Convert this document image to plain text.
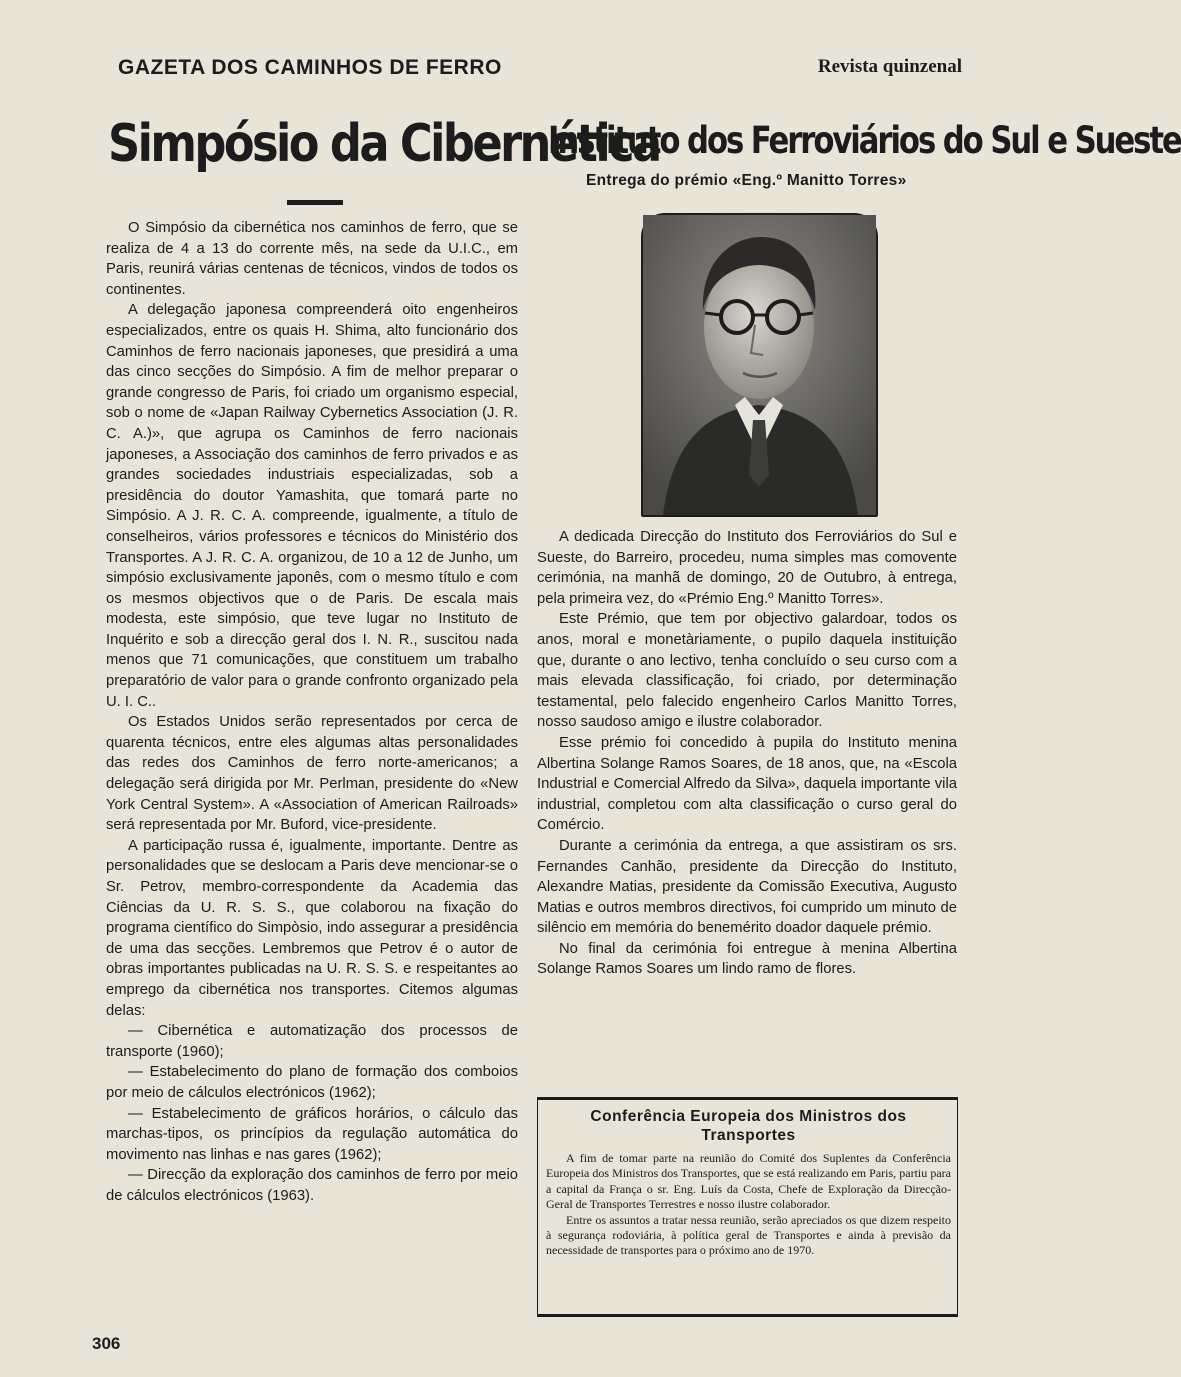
GAZETA DOS CAMINHOS DE FERRO	Revista quinzenal
Simpósio da Cibernética
Instituto dos Ferroviários do Sul e Sueste
Entrega do prémio «Eng.º Manitto Torres»

O Simpósio da cibernética nos caminhos de ferro, que se realiza de 4 a 13 do corrente mês, na sede da U.I.C., em Paris, reunirá várias centenas de técnicos, vindos de todos os continentes.

A delegação japonesa compreenderá oito engenheiros especializados, entre os quais H. Shima, alto funcionário dos Caminhos de ferro nacionais japoneses, que presidirá a uma das cinco secções do Simpósio. A fim de melhor preparar o grande congresso de Paris, foi criado um organismo especial, sob o nome de «Japan Railway Cybernetics Association (J. R. C. A.)», que agrupa os Caminhos de ferro nacionais japoneses, a Associação dos caminhos de ferro privados e as grandes sociedades industriais especializadas, sob a presidência do doutor Yamashita, que tomará parte no Simpósio. A J. R. C. A. compreende, igualmente, a título de conselheiros, vários professores e técnicos do Ministério dos Transportes. A J. R. C. A. organizou, de 10 a 12 de Junho, um simpósio exclusivamente japonês, com o mesmo título e com os mesmos objectivos que o de Paris. De escala mais modesta, este simpósio, que teve lugar no Instituto de Inquérito e sob a direcção geral dos I. N. R., suscitou nada menos que 71 comunicações, que constituem um trabalho preparatório de valor para o grande confronto organizado pela U. I. C..

Os Estados Unidos serão representados por cerca de quarenta técnicos, entre eles algumas altas personalidades das redes dos Caminhos de ferro norte-americanos; a delegação será dirigida por Mr. Perlman, presidente do «New York Central System». A «Association of American Railroads» será representada por Mr. Buford, vice-presidente.

A participação russa é, igualmente, importante. Dentre as personalidades que se deslocam a Paris deve mencionar-se o Sr. Petrov, membro-correspondente da Academia das Ciências da U. R. S. S., que colaborou na fixação do programa científico do Simpòsio, indo assegurar a presidência de uma das secções. Lembremos que Petrov é o autor de obras importantes publicadas na U. R. S. S. e respeitantes ao emprego da cibernética nos transportes. Citemos algumas delas:

— Cibernética e automatização dos processos de transporte (1960);

— Estabelecimento do plano de formação dos comboios por meio de cálculos electrónicos (1962);

— Estabelecimento de gráficos horários, o cálculo das marchas-tipos, os princípios da regulação automática do movimento nas linhas e nas gares (1962);

— Direcção da exploração dos caminhos de ferro por meio de cálculos electrónicos (1963).

A dedicada Direcção do Instituto dos Ferroviários do Sul e Sueste, do Barreiro, procedeu, numa simples mas comovente cerimónia, na manhã de domingo, 20 de Outubro, à entrega, pela primeira vez, do «Prémio Eng.º Manitto Torres».

Este Prémio, que tem por objectivo galardoar, todos os anos, moral e monetàriamente, o pupilo daquela instituição que, durante o ano lectivo, tenha concluído o seu curso com a mais elevada classificação, foi criado, por determinação testamental, pelo falecido engenheiro Carlos Manitto Torres, nosso saudoso amigo e ilustre colaborador.

Esse prémio foi concedido à pupila do Instituto menina Albertina Solange Ramos Soares, de 18 anos, que, na «Escola Industrial e Comercial Alfredo da Silva», daquela importante vila industrial, completou com alta classificação o curso geral do Comércio.

Durante a cerimónia da entrega, a que assistiram os srs. Fernandes Canhão, presidente da Direcção do Instituto, Alexandre Matias, presidente da Comissão Executiva, Augusto Matias e outros membros directivos, foi cumprido um minuto de silêncio em memória do benemérito doador daquele prémio.

No final da cerimónia foi entregue à menina Albertina Solange Ramos Soares um lindo ramo de flores.

Conferência Europeia dos Ministros dos Transportes

A fim de tomar parte na reunião do Comité dos Suplentes da Conferência Europeia dos Ministros dos Transportes, que se está realizando em Paris, partiu para a capital da França o sr. Eng. Luís da Costa, Chefe de Exploração da Direcção-Geral de Transportes Terrestres e nosso ilustre colaborador.

Entre os assuntos a tratar nessa reunião, serão apreciados os que dizem respeito à segurança rodoviária, à política geral de Transportes e ainda à previsão da necessidade de transportes para o próximo ano de 1970.

306
